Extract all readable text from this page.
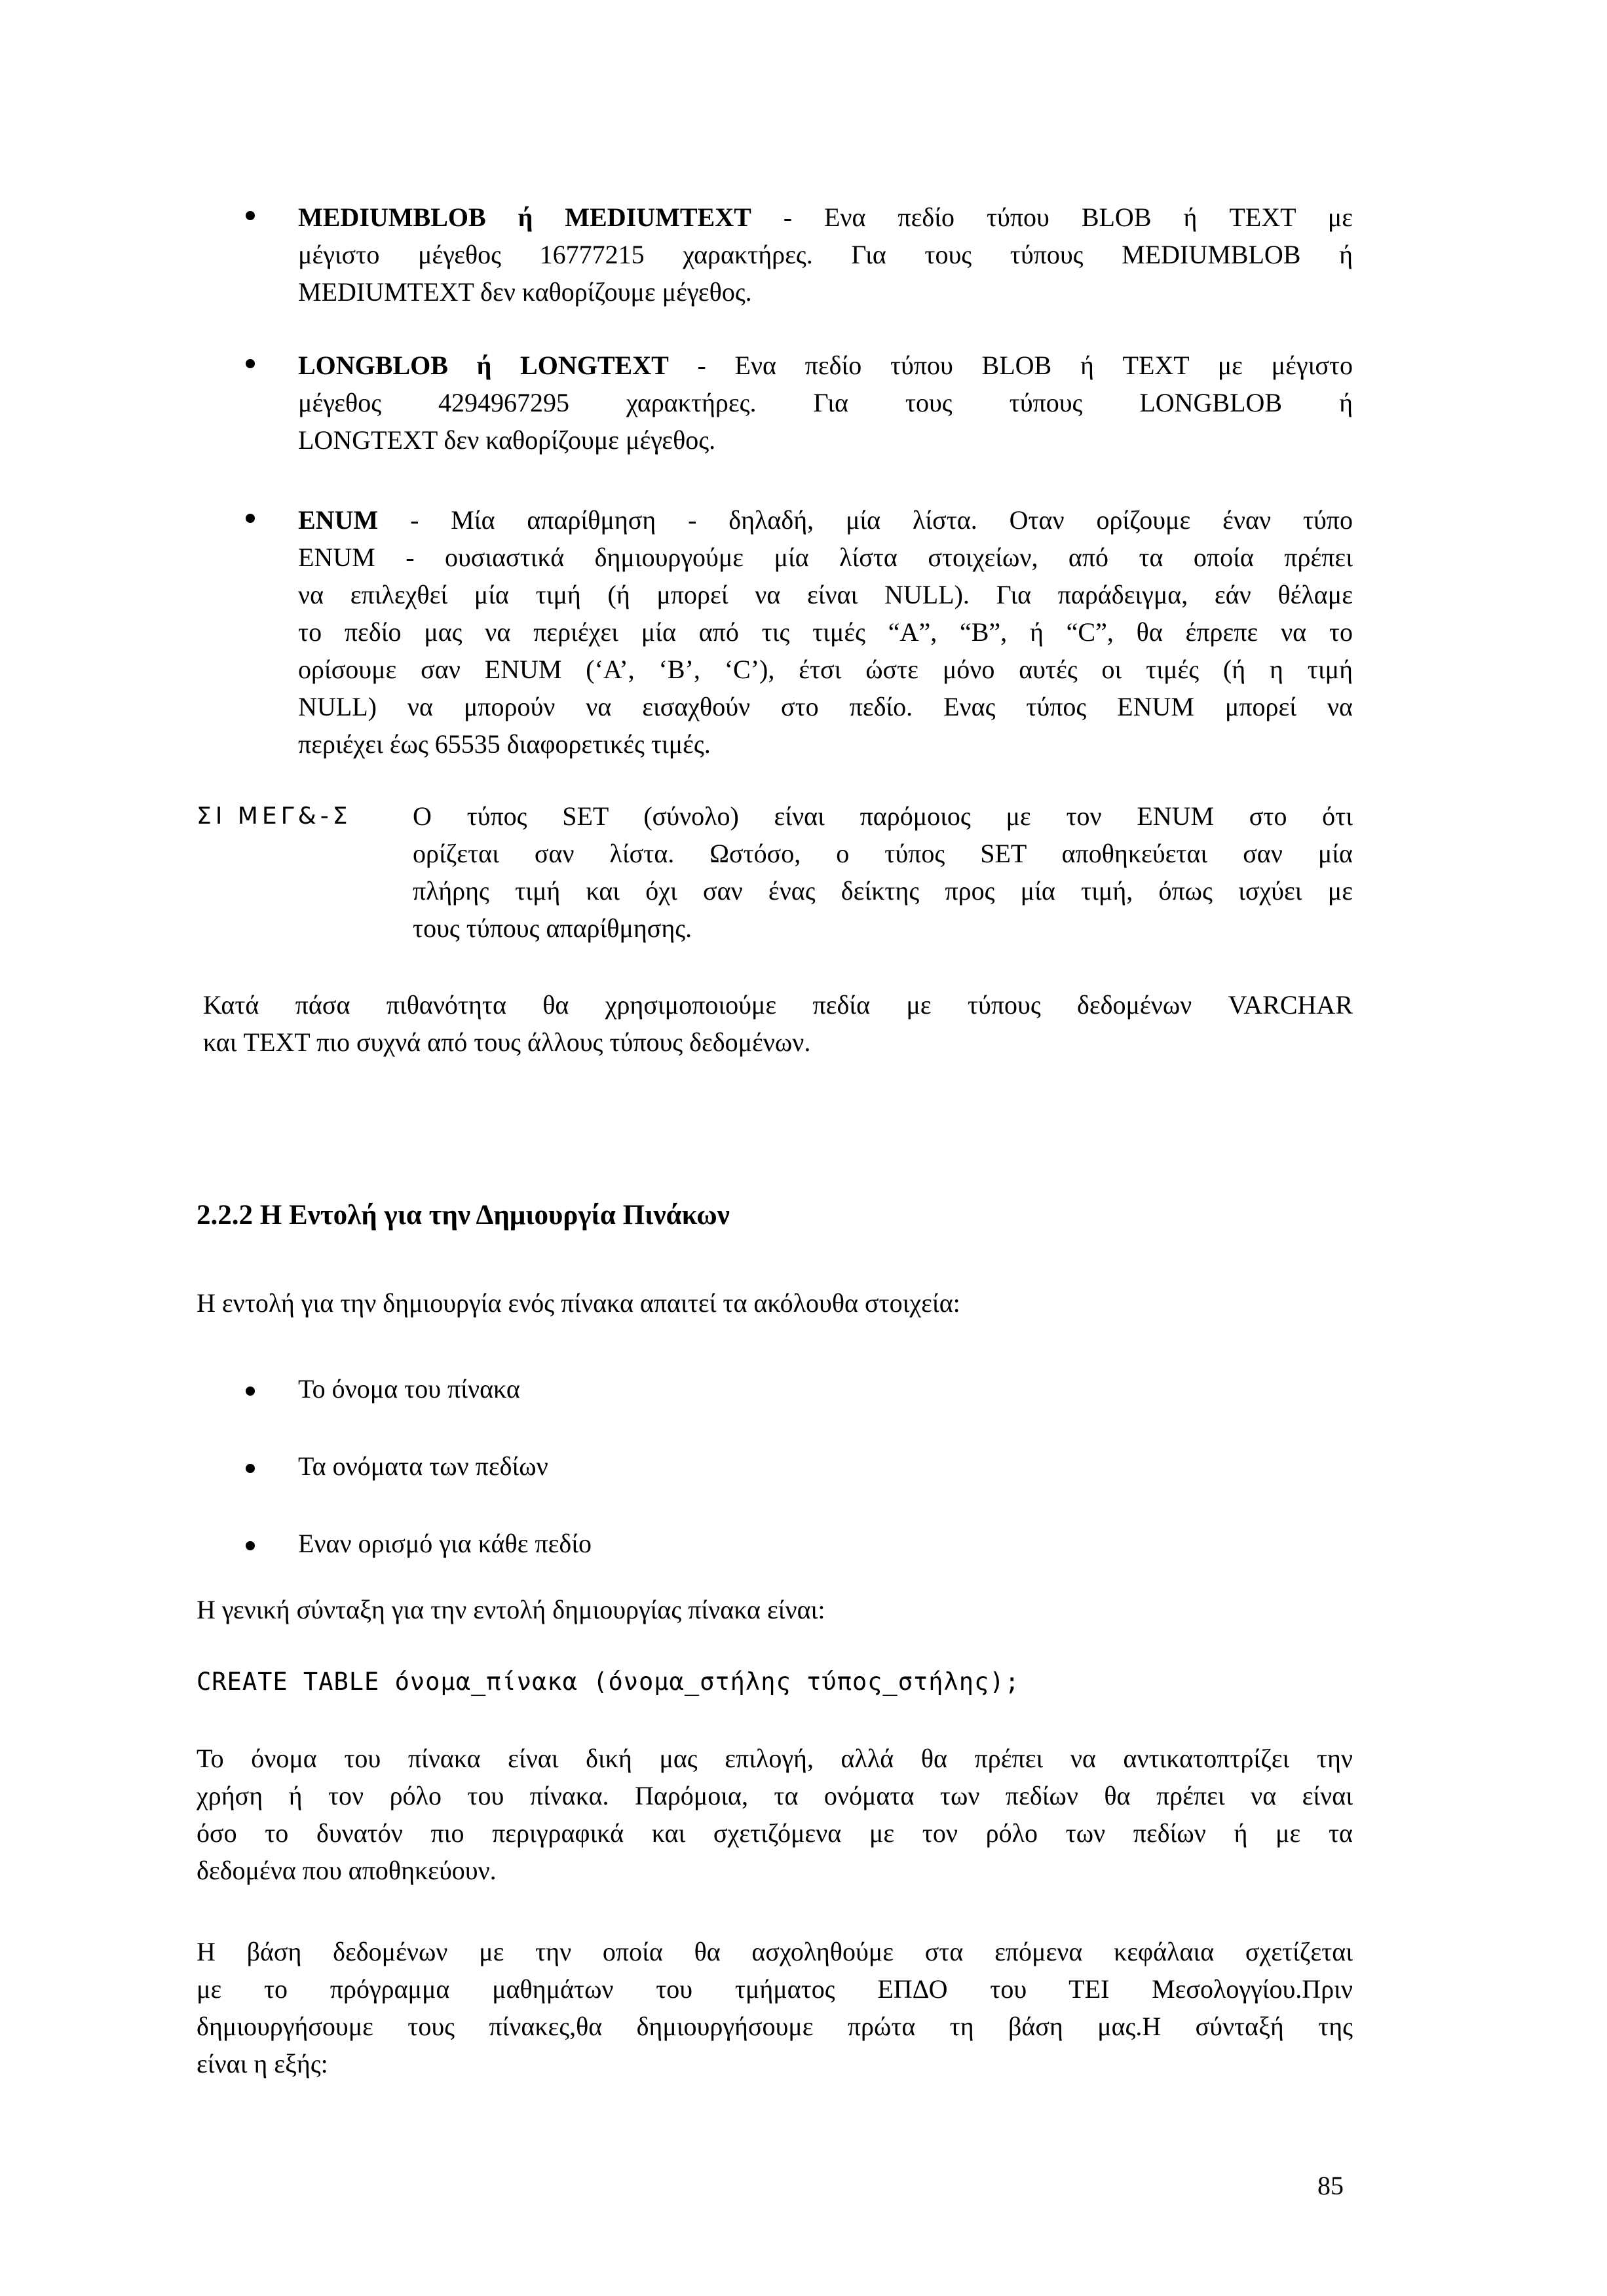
MEDIUMBLOB ή MEDIUMTEXT - Ενα πεδίο τύπου BLOB ή TEXT με
μέγιστο μέγεθος 16777215 χαρακτήρες. Για τους τύπους MEDIUMBLOB ή
MEDIUMTEXT δεν καθορίζουμε μέγεθος.
LONGBLOB ή LONGTEXT - Ενα πεδίο τύπου BLOB ή TEXT με μέγιστο
μέγεθος 4294967295 χαρακτήρες. Για τους τύπους LONGBLOB ή
LONGTEXT δεν καθορίζουμε μέγεθος.
ENUM - Μία απαρίθμηση - δηλαδή, μία λίστα. Οταν ορίζουμε έναν τύπο
ENUM - ουσιαστικά δημιουργούμε μία λίστα στοιχείων, από τα οποία πρέπει
να επιλεχθεί μία τιμή (ή μπορεί να είναι NULL). Για παράδειγμα, εάν θέλαμε
το πεδίο μας να περιέχει μία από τις τιμές “A”, “B”, ή “C”, θα έπρεπε να το
ορίσουμε σαν ENUM (‘A’, ‘B’, ‘C’), έτσι ώστε μόνο αυτές οι τιμές (ή η τιμή
NULL) να μπορούν να εισαχθούν στο πεδίο. Ενας τύπος ENUM μπορεί να
περιέχει έως 65535 διαφορετικές τιμές.
ΣΙ ΜΕΓ&-Σ Ο τύπος SET (σύνολο) είναι παρόμοιος με τον ENUM στο ότι
ορίζεται σαν λίστα. Ωστόσο, ο τύπος SET αποθηκεύεται σαν μία
πλήρης τιμή και όχι σαν ένας δείκτης προς μία τιμή, όπως ισχύει με
τους τύπους απαρίθμησης.
Κατά πάσα πιθανότητα θα χρησιμοποιούμε πεδία με τύπους δεδομένων VARCHAR
και TEXT πιο συχνά από τους άλλους τύπους δεδομένων.
2.2.2 Η Εντολή για την Δημιουργία Πινάκων
Η εντολή για την δημιουργία ενός πίνακα απαιτεί τα ακόλουθα στοιχεία:
Το όνομα του πίνακα
Τα ονόματα των πεδίων
Εναν ορισμό για κάθε πεδίο
Η γενική σύνταξη για την εντολή δημιουργίας πίνακα είναι:
CREATE TABLE όνομα_πίνακα (όνομα_στήλης τύπος_στήλης);
Το όνομα του πίνακα είναι δική μας επιλογή, αλλά θα πρέπει να αντικατοπτρίζει την
χρήση ή τον ρόλο του πίνακα. Παρόμοια, τα ονόματα των πεδίων θα πρέπει να είναι
όσο το δυνατόν πιο περιγραφικά και σχετιζόμενα με τον ρόλο των πεδίων ή με τα
δεδομένα που αποθηκεύουν.
Η βάση δεδομένων με την οποία θα ασχοληθούμε στα επόμενα κεφάλαια σχετίζεται
με το πρόγραμμα μαθημάτων του τμήματος ΕΠΔΟ του ΤΕΙ Μεσολογγίου.Πριν
δημιουργήσουμε τους πίνακες,θα δημιουργήσουμε πρώτα τη βάση μας.Η σύνταξή της
είναι η εξής:
85
